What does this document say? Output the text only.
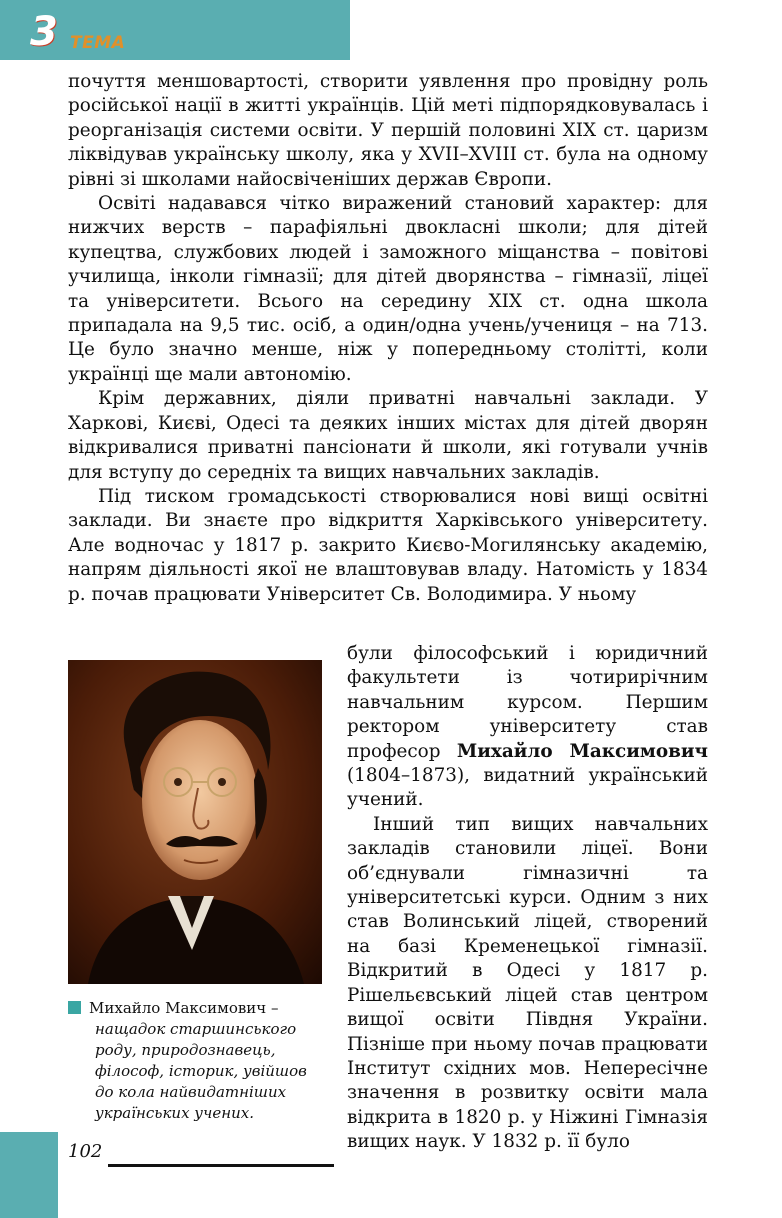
3 ТЕМА

почуття меншовартості, створити уявлення про провідну роль російської нації в житті українців. Цій меті підпорядковувалась і реорганізація системи освіти. У першій половині XIX ст. царизм ліквідував українську школу, яка у XVII–XVIII ст. була на одному рівні зі школами найосвіченіших держав Європи.

Освіті надавався чітко виражений становий характер: для нижчих верств – парафіяльні двокласні школи; для дітей купецтва, службових людей і заможного міщанства – повітові училища, інколи гімназії; для дітей дворянства – гімназії, ліцеї та університети. Всього на середину XIX ст. одна школа припадала на 9,5 тис. осіб, а один/одна учень/учениця – на 713. Це було значно менше, ніж у попередньому столітті, коли українці ще мали автономію.

Крім державних, діяли приватні навчальні заклади. У Харкові, Києві, Одесі та деяких інших містах для дітей дворян відкривалися приватні пансіонати й школи, які готували учнів для вступу до середніх та вищих навчальних закладів.

Під тиском громадськості створювалися нові вищі освітні заклади. Ви знаєте про відкриття Харківського університету. Але водночас у 1817 р. закрито Києво-Могилянську академію, напрям діяльності якої не влаштовував владу. Натомість у 1834 р. почав працювати Університет Св. Володимира. У ньому

були філософський і юридичний факультети із чотирирічним навчальним курсом. Першим ректором університету став професор Михайло Максимович (1804–1873), видатний український учений.

Інший тип вищих навчальних закладів становили ліцеї. Вони об’єднували гімназичні та університетські курси. Одним з них став Волинський ліцей, створений на базі Кременецької гімназії. Відкритий в Одесі у 1817 р. Рішельєвський ліцей став центром вищої освіти Півдня України. Пізніше при ньому почав працювати Інститут східних мов. Непересічне значення в розвитку освіти мала відкрита в 1820 р. у Ніжині Гімназія вищих наук. У 1832 р. її було

Михайло Максимович –
нащадок старшинського роду, природознавець, філософ, історик, увійшов до кола найвидатніших українських учених.
102
